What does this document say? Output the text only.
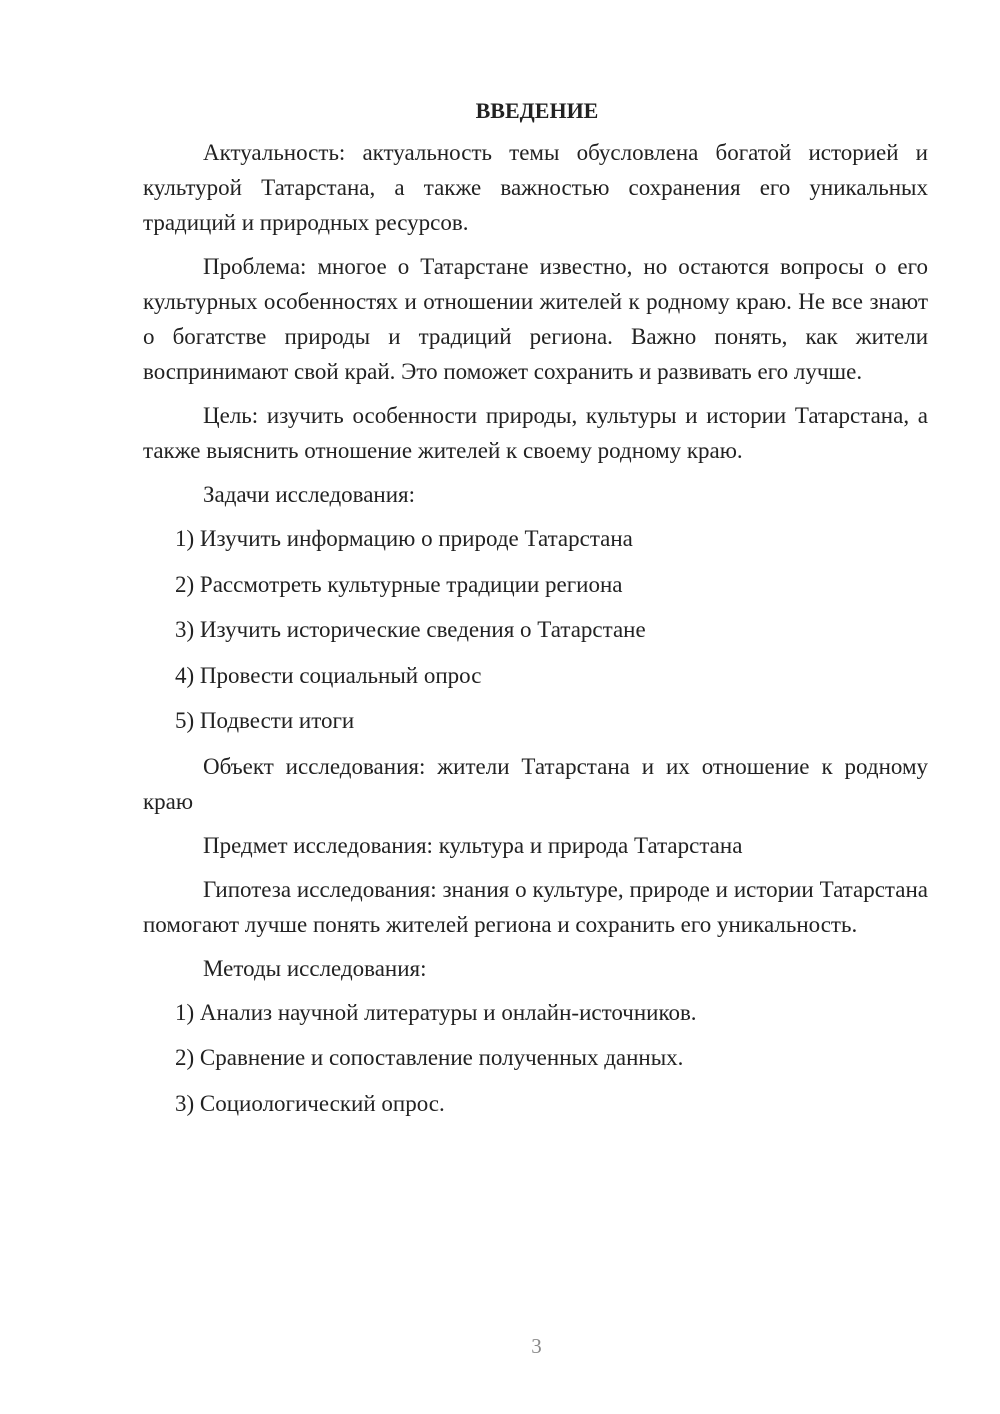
ВВЕДЕНИЕ

Актуальность: актуальность темы обусловлена богатой историей и культурой Татарстана, а также важностью сохранения его уникальных традиций и природных ресурсов.

Проблема: многое о Татарстане известно, но остаются вопросы о его культурных особенностях и отношении жителей к родному краю. Не все знают о богатстве природы и традиций региона. Важно понять, как жители воспринимают свой край. Это поможет сохранить и развивать его лучше.

Цель: изучить особенности природы, культуры и истории Татарстана, а также выяснить отношение жителей к своему родному краю.

Задачи исследования:

1) Изучить информацию о природе Татарстана
2) Рассмотреть культурные традиции региона
3) Изучить исторические сведения о Татарстане
4) Провести социальный опрос
5) Подвести итоги

Объект исследования: жители Татарстана и их отношение к родному краю

Предмет исследования: культура и природа Татарстана

Гипотеза исследования: знания о культуре, природе и истории Татарстана помогают лучше понять жителей региона и сохранить его уникальность.

Методы исследования:

1) Анализ научной литературы и онлайн-источников.
2) Сравнение и сопоставление полученных данных.
3) Социологический опрос.
3
